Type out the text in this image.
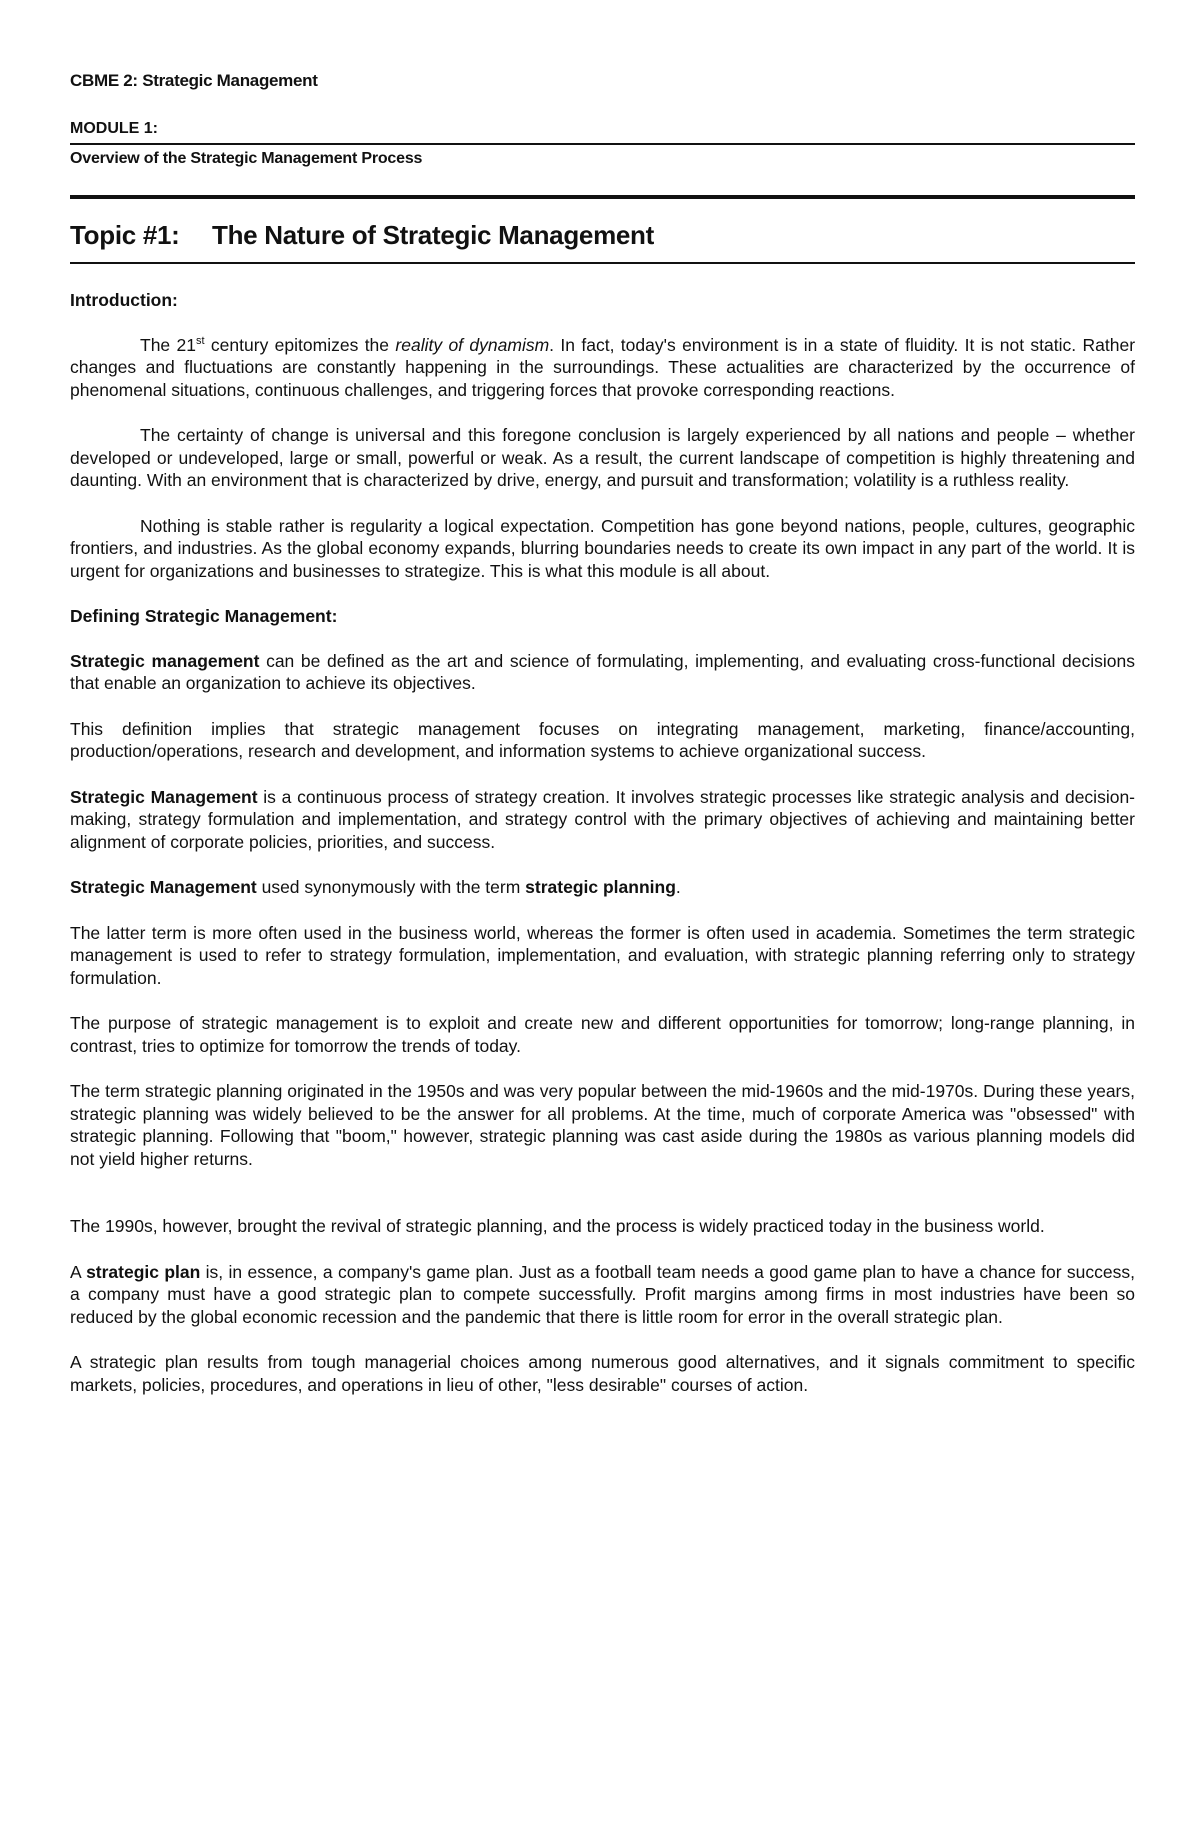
CBME 2: Strategic Management
MODULE 1:
Overview of the Strategic Management Process
Topic #1: The Nature of Strategic Management

Introduction:

The 21st century epitomizes the reality of dynamism. In fact, today's environment is in a state of fluidity. It is not static. Rather changes and fluctuations are constantly happening in the surroundings. These actualities are characterized by the occurrence of phenomenal situations, continuous challenges, and triggering forces that provoke corresponding reactions.

The certainty of change is universal and this foregone conclusion is largely experienced by all nations and people – whether developed or undeveloped, large or small, powerful or weak. As a result, the current landscape of competition is highly threatening and daunting. With an environment that is characterized by drive, energy, and pursuit and transformation; volatility is a ruthless reality.

Nothing is stable rather is regularity a logical expectation. Competition has gone beyond nations, people, cultures, geographic frontiers, and industries. As the global economy expands, blurring boundaries needs to create its own impact in any part of the world. It is urgent for organizations and businesses to strategize. This is what this module is all about.

Defining Strategic Management:

Strategic management can be defined as the art and science of formulating, implementing, and evaluating cross-functional decisions that enable an organization to achieve its objectives.

This definition implies that strategic management focuses on integrating management, marketing, finance/accounting, production/operations, research and development, and information systems to achieve organizational success.

Strategic Management is a continuous process of strategy creation. It involves strategic processes like strategic analysis and decision-making, strategy formulation and implementation, and strategy control with the primary objectives of achieving and maintaining better alignment of corporate policies, priorities, and success.

Strategic Management used synonymously with the term strategic planning.

The latter term is more often used in the business world, whereas the former is often used in academia. Sometimes the term strategic management is used to refer to strategy formulation, implementation, and evaluation, with strategic planning referring only to strategy formulation.

The purpose of strategic management is to exploit and create new and different opportunities for tomorrow; long-range planning, in contrast, tries to optimize for tomorrow the trends of today.

The term strategic planning originated in the 1950s and was very popular between the mid-1960s and the mid-1970s. During these years, strategic planning was widely believed to be the answer for all problems. At the time, much of corporate America was "obsessed" with strategic planning. Following that "boom," however, strategic planning was cast aside during the 1980s as various planning models did not yield higher returns.

The 1990s, however, brought the revival of strategic planning, and the process is widely practiced today in the business world.

A strategic plan is, in essence, a company's game plan. Just as a football team needs a good game plan to have a chance for success, a company must have a good strategic plan to compete successfully. Profit margins among firms in most industries have been so reduced by the global economic recession and the pandemic that there is little room for error in the overall strategic plan.

A strategic plan results from tough managerial choices among numerous good alternatives, and it signals commitment to specific markets, policies, procedures, and operations in lieu of other, "less desirable" courses of action.
